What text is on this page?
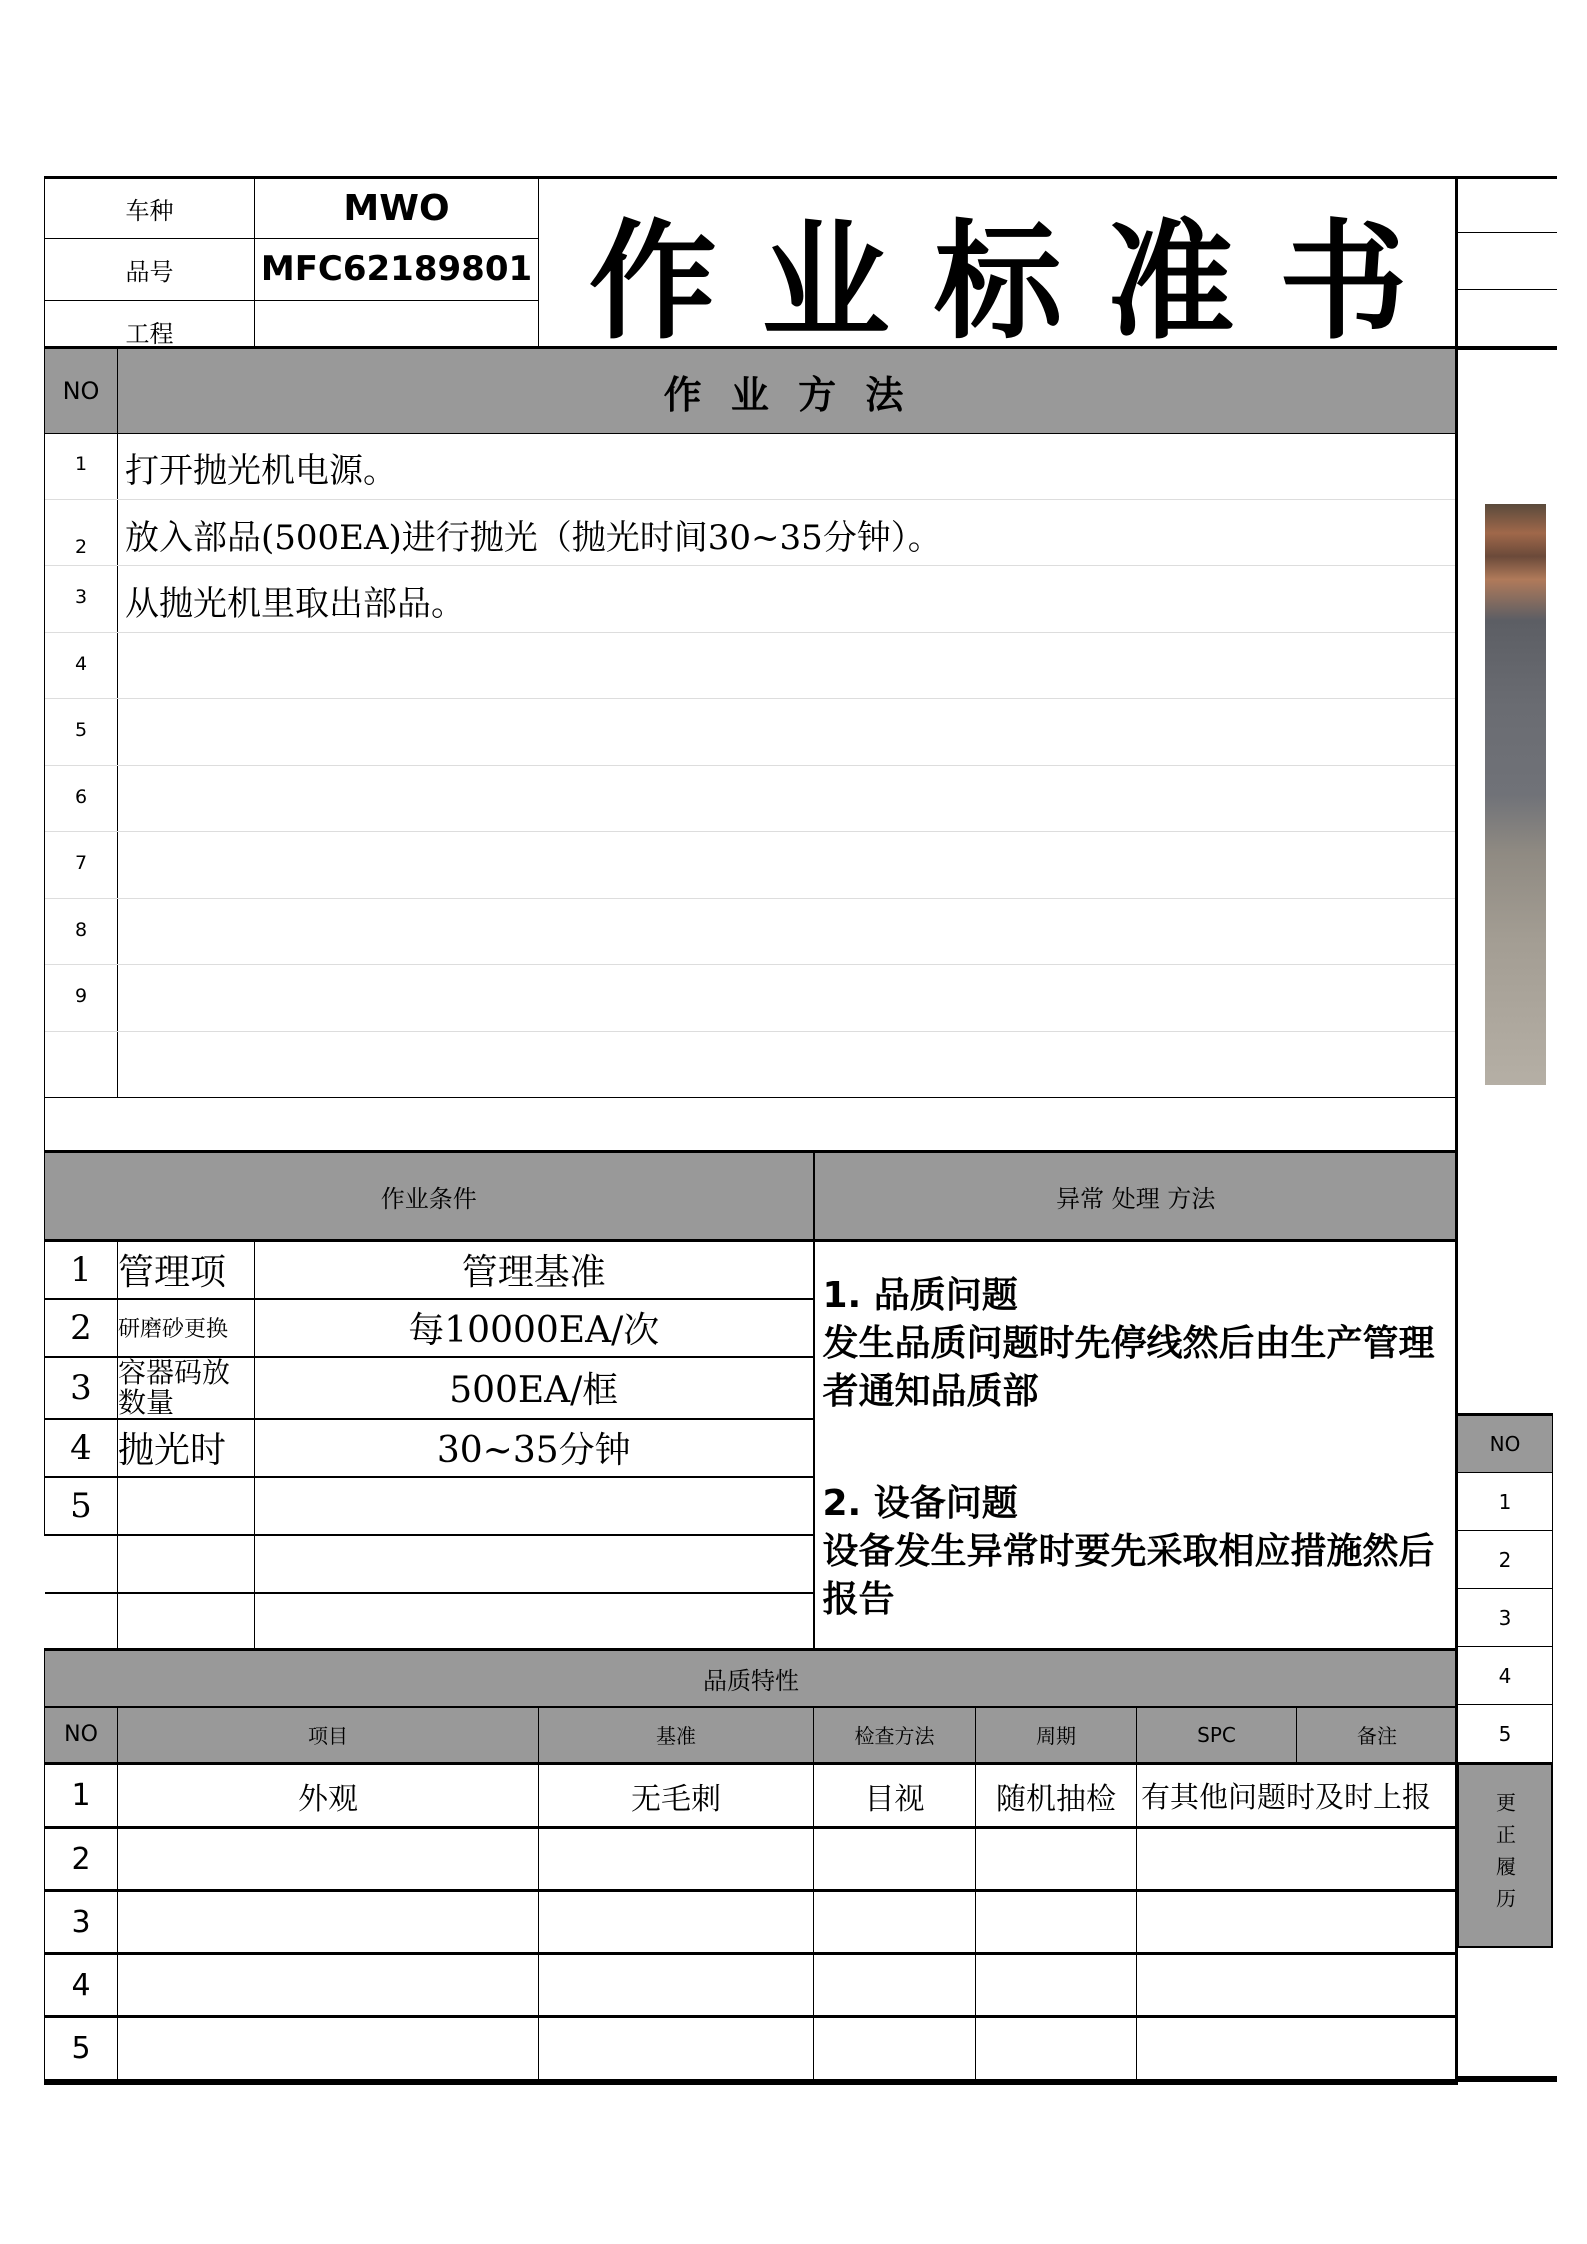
车种	MWO	作 业 标 准 书
品号	MFC62189801	
工程		
NO	作 业 方 法
1	打开抛光机电源。
2	放入部品(500EA)进行抛光（抛光时间30~35分钟）。
3	从抛光机里取出部品。
4
5
6
7
8
9
作业条件			异常 处理 方法
1	管理项	管理基准	1. 品质问题
发生品质问题时先停线然后由生产管理者通知品质部
2. 设备问题
设备发生异常时要先采取相应措施然后报告

2	研磨砂更换	每10000EA/次	
3	容器码放数量	500EA/框	
4	抛光时	30~35分钟	
5			

品质特性						
NO	项目	基准	检查方法	周期	SPC	备注
1	外观	无毛刺	目视	随机抽检	有其他问题时及时上报	
2						
3						
4						
5						
NO
1
2
3
4
5
更正履历
